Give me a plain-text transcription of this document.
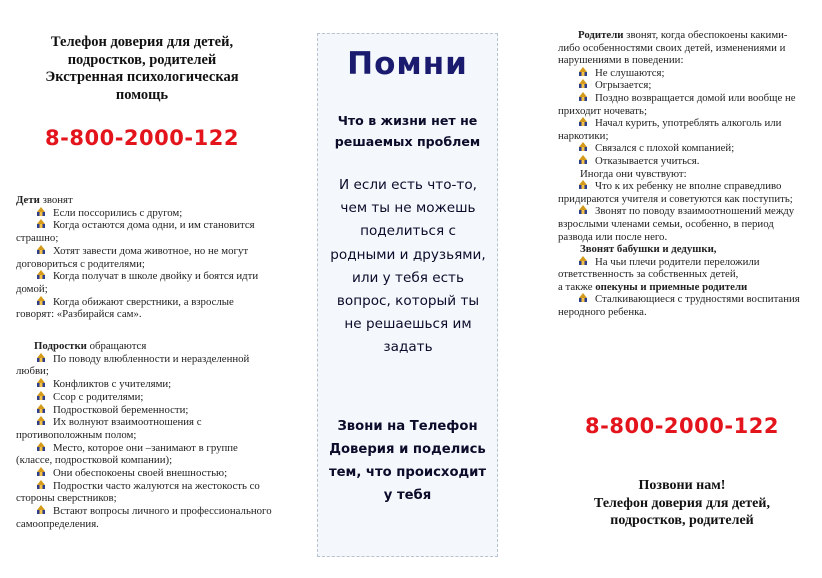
Телефон доверия для детей,
подростков, родителей
Экстренная психологическая
помощь
8-800-2000-122
Дети звонят
Если поссорились с другом;
Когда остаются дома одни, и им становится страшно;
Хотят завести дома животное, но не могут договориться с родителями;
Когда получат в школе двойку и боятся идти домой;
Когда обижают сверстники, а взрослые говорят: «Разбирайся сам».
Подростки обращаются
По поводу влюбленности и неразделенной любви;
Конфликтов с учителями;
Ссор с родителями;
Подростковой беременности;
Их волнуют взаимоотношения с противоположным полом;
Место, которое они –занимают в группе (классе, подростковой компании);
Они обеспокоены своей внешностью;
Подростки часто жалуются на жестокость со стороны сверстников;
Встают вопросы личного и профессионального самоопределения.
Помни
Что в жизни нет не
решаемых проблем
И если есть что-то,
чем ты не можешь
поделиться с
родными и друзьями,
или у тебя есть
вопрос, который ты
не решаешься им
задать
Звони на Телефон
Доверия и поделись
тем, что происходит
у тебя
Родители звонят, когда обеспокоены какими-либо особенностями своих детей, изменениями и нарушениями в поведении:
Не слушаются;
Огрызается;
Поздно возвращается домой или вообще не приходит ночевать;
Начал курить, употреблять алкоголь или наркотики;
Связался с плохой компанией;
Отказывается учиться.
Иногда они чувствуют:
Что к их ребенку не вполне справедливо придираются учителя и советуются как поступить;
Звонят по поводу взаимоотношений между взрослыми членами семьи, особенно, в период развода или после него.
Звонят бабушки и дедушки,
На чьи плечи родители переложили ответственность за собственных детей,
а также опекуны и приемные родители
Сталкивающиеся с трудностями воспитания неродного ребенка.
8-800-2000-122
Позвони нам!
Телефон доверия для детей,
подростков, родителей
